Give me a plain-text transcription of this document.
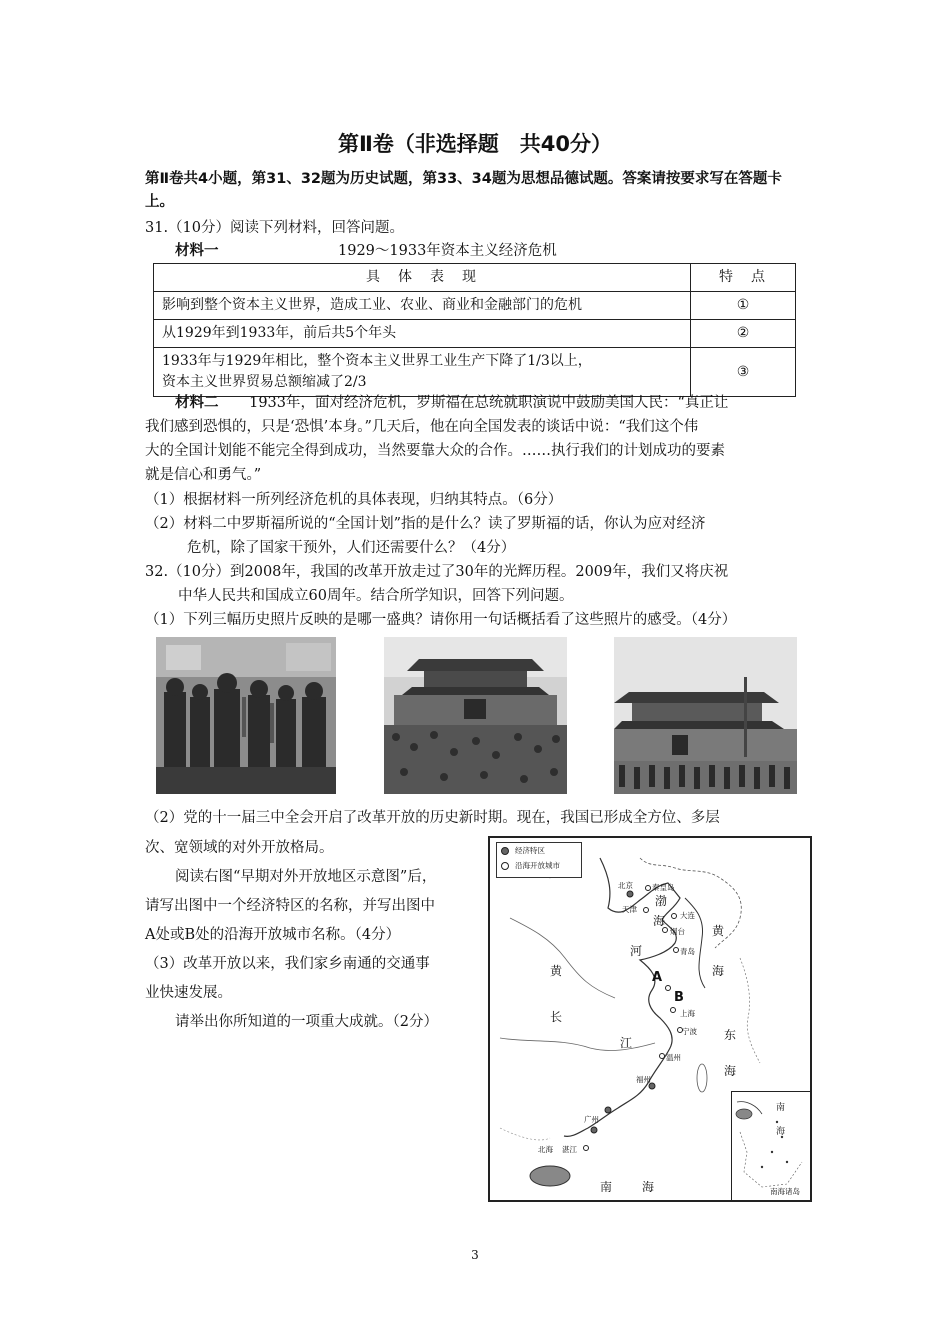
第Ⅱ卷（非选择题　共40分）
第Ⅱ卷共4小题，第31、32题为历史试题，第33、34题为思想品德试题。答案请按要求写在答题卡上。
31.（10分）阅读下列材料，回答问题。
材料一	1929～1933年资本主义经济危机
具　体　表　现	特　点
影响到整个资本主义世界，造成工业、农业、商业和金融部门的危机	①
从1929年到1933年，前后共5个年头	②

1933年与1929年相比，整个资本主义世界工业生产下降了1/3以上，
资本主义世界贸易总额缩减了2/3	③
材料二 1933年，面对经济危机，罗斯福在总统就职演说中鼓励美国人民：“真正让
我们感到恐惧的，只是‘恐惧’本身。”几天后，他在向全国发表的谈话中说：“我们这个伟
大的全国计划能不能完全得到成功，当然要靠大众的合作。……执行我们的计划成功的要素
就是信心和勇气。”
（1）根据材料一所列经济危机的具体表现，归纳其特点。（6分）
（2）材料二中罗斯福所说的“全国计划”指的是什么？读了罗斯福的话，你认为应对经济
危机，除了国家干预外，人们还需要什么？（4分）
32.（10分）到2008年，我国的改革开放走过了30年的光辉历程。2009年，我们又将庆祝
中华人民共和国成立60周年。结合所学知识，回答下列问题。
（1）下列三幅历史照片反映的是哪一盛典？请你用一句话概括看了这些照片的感受。（4分）
（2）党的十一届三中全会开启了改革开放的历史新时期。现在，我国已形成全方位、多层
次、宽领域的对外开放格局。
阅读右图“早期对外开放地区示意图”后，
请写出图中一个经济特区的名称，并写出图中
A处或B处的沿海开放城市名称。（4分）
（3）改革开放以来，我们家乡南通的交通事
业快速发展。
请举出你所知道的一项重大成就。（2分）
经济特区
沿海开放城市
北京	秦皇岛
天津
大连
烟台
青岛
上海
宁波
温州
福州
广州
北海 湛江
渤
海
黄
黄
河
海
长
江
东
海
南 海
A
B
南
海
南海诸岛
3
